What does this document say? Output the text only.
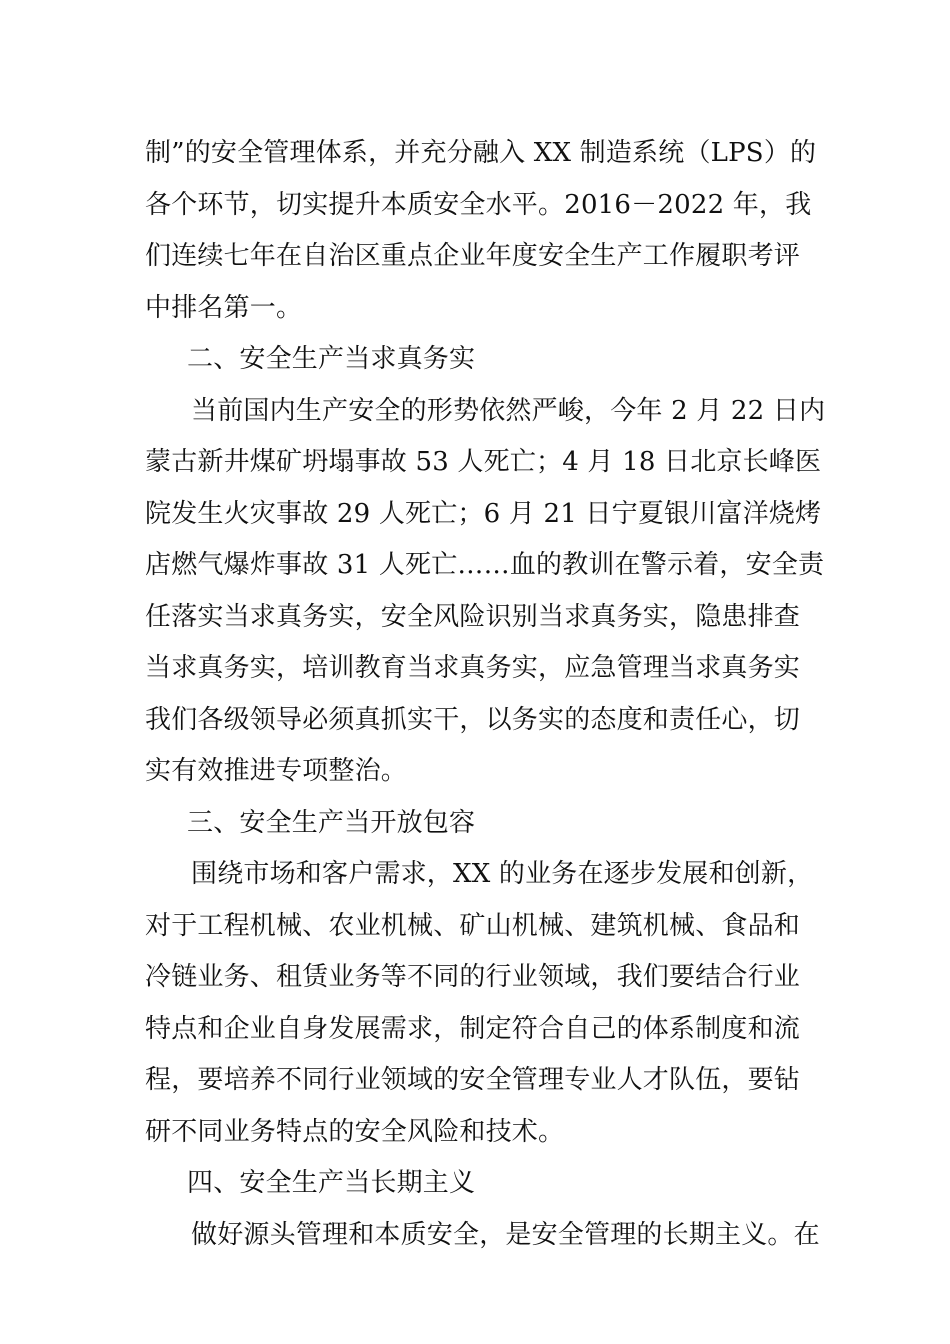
制”的安全管理体系，并充分融入 XX 制造系统（LPS）的
各个环节，切实提升本质安全水平。2016－2022 年，我
们连续七年在自治区重点企业年度安全生产工作履职考评
中排名第一。
二、安全生产当求真务实
当前国内生产安全的形势依然严峻，今年 2 月 22 日内
蒙古新井煤矿坍塌事故 53 人死亡；4 月 18 日北京长峰医
院发生火灾事故 29 人死亡；6 月 21 日宁夏银川富洋烧烤
店燃气爆炸事故 31 人死亡……血的教训在警示着，安全责
任落实当求真务实，安全风险识别当求真务实，隐患排查
当求真务实，培训教育当求真务实，应急管理当求真务实
我们各级领导必须真抓实干，以务实的态度和责任心，切
实有效推进专项整治。
三、安全生产当开放包容
围绕市场和客户需求，XX 的业务在逐步发展和创新，
对于工程机械、农业机械、矿山机械、建筑机械、食品和
冷链业务、租赁业务等不同的行业领域，我们要结合行业
特点和企业自身发展需求，制定符合自己的体系制度和流
程，要培养不同行业领域的安全管理专业人才队伍，要钻
研不同业务特点的安全风险和技术。
四、安全生产当长期主义
做好源头管理和本质安全，是安全管理的长期主义。在
